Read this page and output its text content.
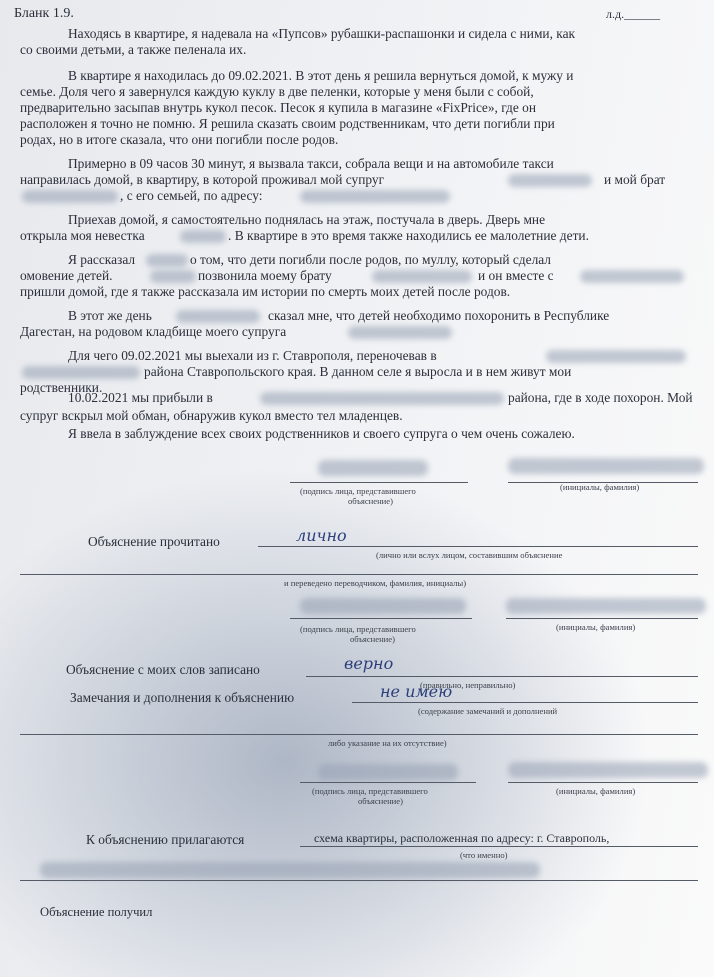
Бланк 1.9.	л.д.______
Находясь в квартире, я надевала на «Пупсов» рубашки-распашонки и сидела с ними, как
со своими детьми, а также пеленала их.
В квартире я находилась до 09.02.2021. В этот день я решила вернуться домой, к мужу и
семье. Доля чего я завернулся каждую куклу в две пеленки, которые у меня были с собой,
предварительно засыпав внутрь кукол песок. Песок я купила в магазине «FixPrice», где он
расположен я точно не помню. Я решила сказать своим родственникам, что дети погибли при
родах, но в итоге сказала, что они погибли после родов.
Примерно в 09 часов 30 минут, я вызвала такси, собрала вещи и на автомобиле такси
направилась домой, в квартиру, в которой проживал мой супруг	и мой брат
, с его семьей, по адресу:
Приехав домой, я самостоятельно поднялась на этаж, постучала в дверь. Дверь мне
открыла моя невестка	. В квартире в это время также находились ее малолетние дети.
Я рассказал	о том, что дети погибли после родов, по муллу, который сделал
омовение детей.	позвонила моему брату	и он вместе с
пришли домой, где я также рассказала им истории по смерть моих детей после родов.
В этот же день	сказал мне, что детей необходимо похоронить в Республике
Дагестан, на родовом кладбище моего супруга
Для чего 09.02.2021 мы выехали из г. Ставрополя, переночевав в
района Ставропольского края. В данном селе я выросла и в нем живут мои
родственники.
10.02.2021 мы прибыли в	района, где в ходе похорон. Мой
супруг вскрыл мой обман, обнаружив кукол вместо тел младенцев.
Я ввела в заблуждение всех своих родственников и своего супруга о чем очень сожалею.
(подпись лица, представившего
объяснение)
(инициалы, фамилия)
Объяснение прочитано	лично
(лично или вслух лицом, составившим объяснение
и переведено переводчиком, фамилия, инициалы)
(подпись лица, представившего
объяснение)
(инициалы, фамилия)
Объяснение с моих слов записано	верно
(правильно, неправильно)
Замечания и дополнения к объяснению	не имею
(содержание замечаний и дополнений
либо указание на их отсутствие)
(подпись лица, представившего
объяснение)
(инициалы, фамилия)
К объяснению прилагаются	схема квартиры, расположенная по адресу: г. Ставрополь,
(что именно)
Объяснение получил
